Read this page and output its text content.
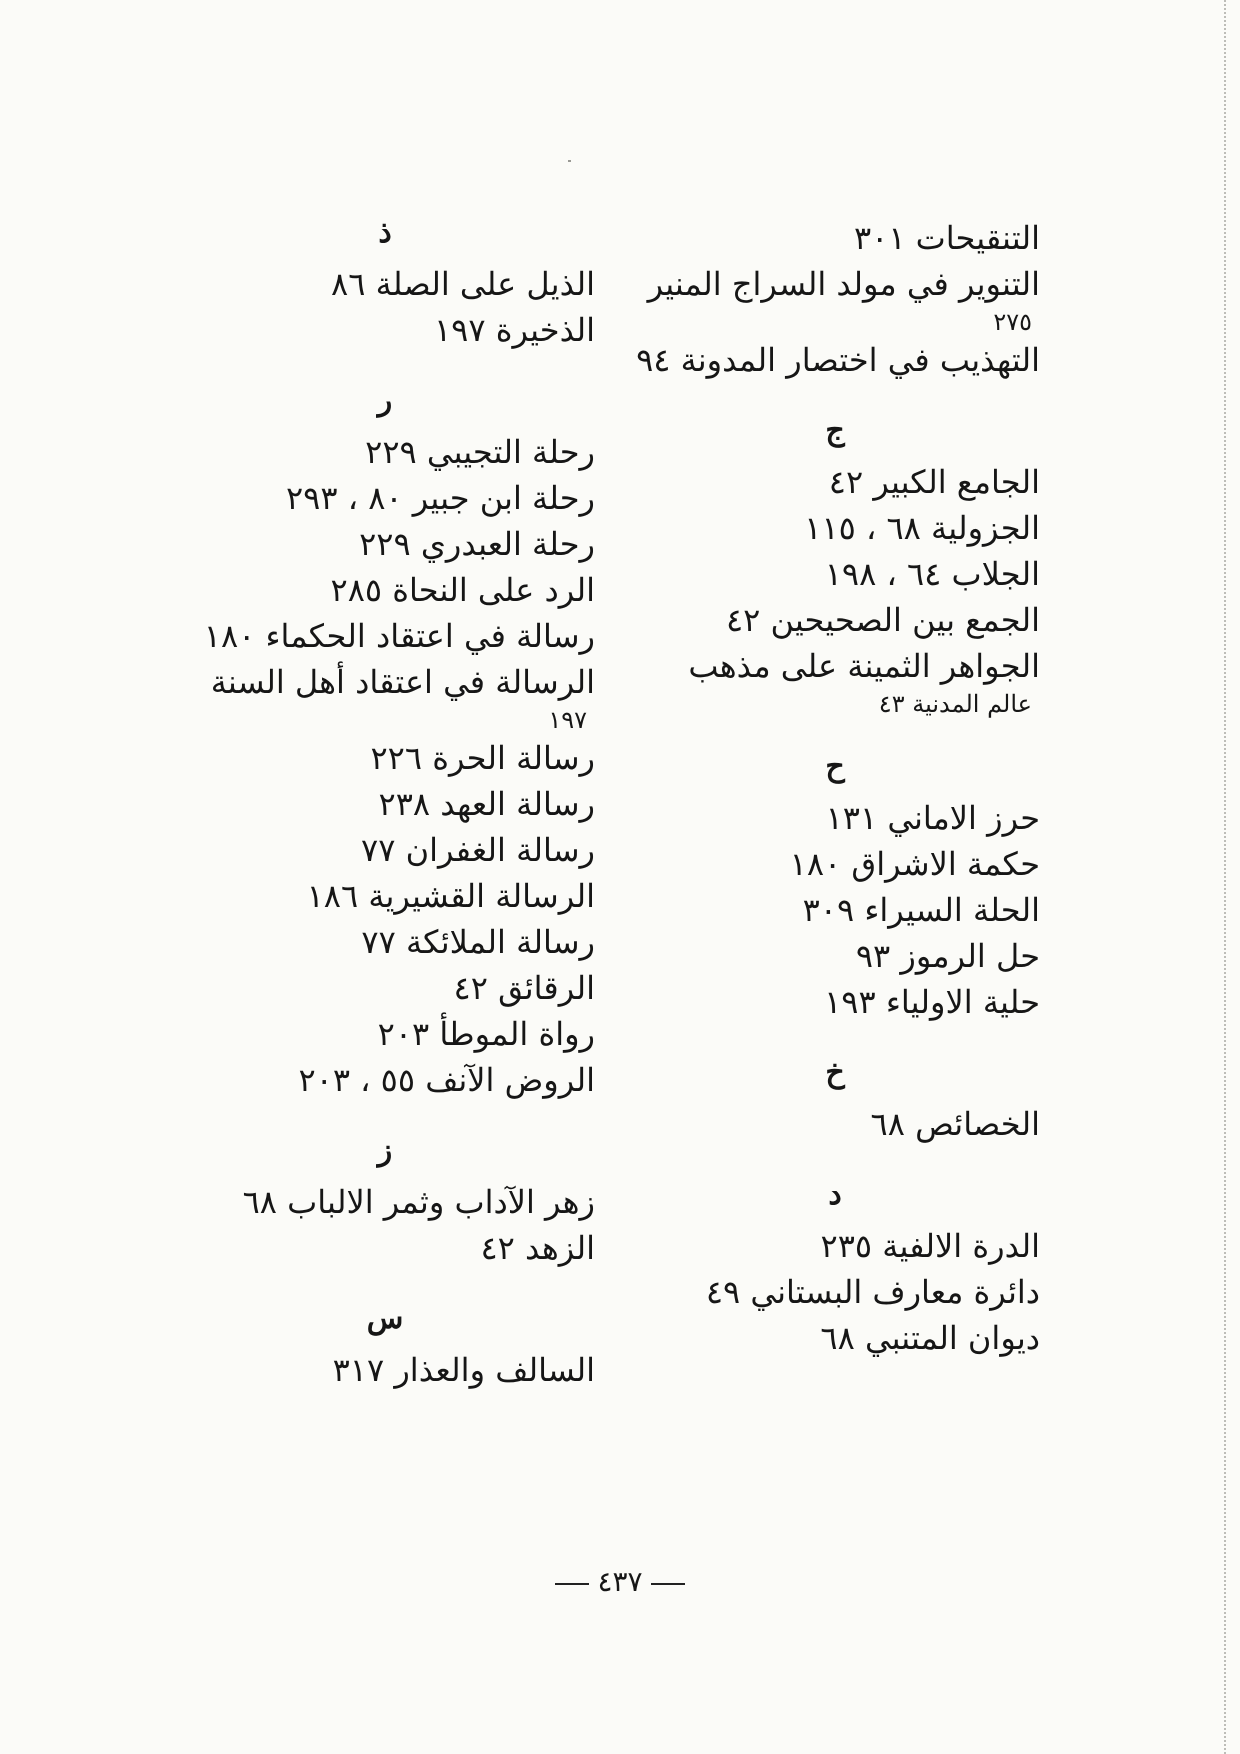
التنقيحات ٣٠١
التنوير في مولد السراج المنير
٢٧٥
التهذيب في اختصار المدونة ٩٤
ج
الجامع الكبير ٤٢
الجزولية ٦٨ ، ١١٥
الجلاب ٦٤ ، ١٩٨
الجمع بين الصحيحين ٤٢
الجواهر الثمينة على مذهب
عالم المدنية ٤٣
ح
حرز الاماني ١٣١
حكمة الاشراق ١٨٠
الحلة السيراء ٣٠٩
حل الرموز ٩٣
حلية الاولياء ١٩٣
خ
الخصائص ٦٨
د
الدرة الالفية ٢٣٥
دائرة معارف البستاني ٤٩
ديوان المتنبي ٦٨
ذ
الذيل على الصلة ٨٦
الذخيرة ١٩٧
ر
رحلة التجيبي ٢٢٩
رحلة ابن جبير ٨٠ ، ٢٩٣
رحلة العبدري ٢٢٩
الرد على النحاة ٢٨٥
رسالة في اعتقاد الحكماء ١٨٠
الرسالة في اعتقاد أهل السنة
١٩٧
رسالة الحرة ٢٢٦
رسالة العهد ٢٣٨
رسالة الغفران ٧٧
الرسالة القشيرية ١٨٦
رسالة الملائكة ٧٧
الرقائق ٤٢
رواة الموطأ ٢٠٣
الروض الآنف ٥٥ ، ٢٠٣
ز
زهر الآداب وثمر الالباب ٦٨
الزهد ٤٢
س
السالف والعذار ٣١٧
٤٣٧
